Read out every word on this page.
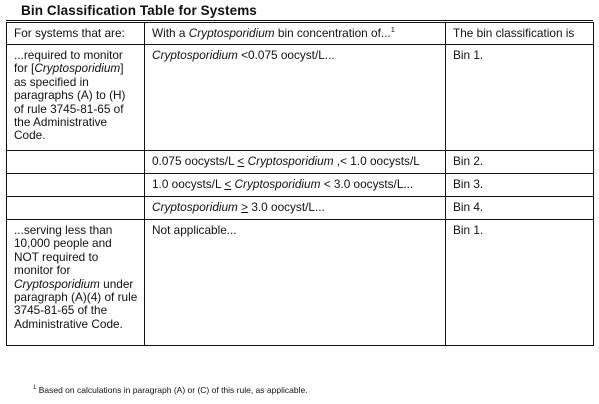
Bin Classification Table for Systems
For systems that are:	With a Cryptosporidium bin concentration of...$^1$	The bin classification is
...required to monitor for [Cryptosporidium] as specified in paragraphs (A) to (H) of rule 3745-81-65 of the Administrative Code.	Cryptosporidium <0.075 oocyst/L...	Bin 1.
	0.075 oocysts/L < Cryptosporidium ,< 1.0 oocysts/L	Bin 2.
	1.0 oocysts/L < Cryptosporidium < 3.0 oocysts/L...	Bin 3.
	Cryptosporidium > 3.0 oocyst/L...	Bin 4.
...serving less than 10,000 people and NOT required to monitor for Cryptosporidium under paragraph (A)(4) of rule 3745-81-65 of the Administrative Code.	Not applicable...	Bin 1.
$^1$ Based on calculations in paragraph (A) or (C) of this rule, as applicable.
